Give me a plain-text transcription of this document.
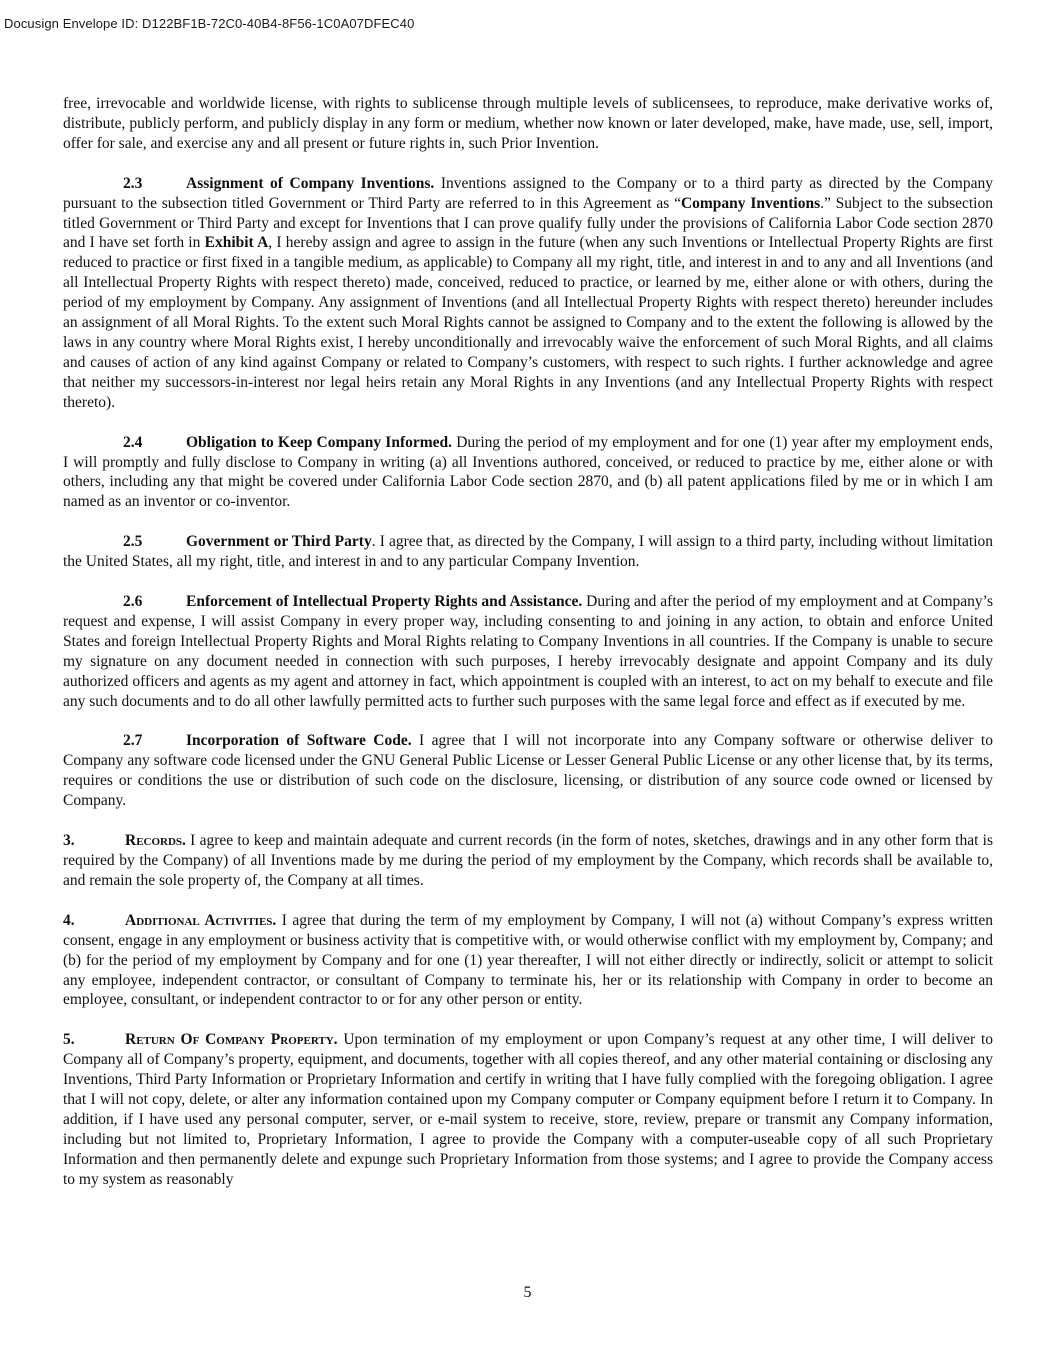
Docusign Envelope ID: D122BF1B-72C0-40B4-8F56-1C0A07DFEC40

free, irrevocable and worldwide license, with rights to sublicense through multiple levels of sublicensees, to reproduce, make derivative works of, distribute, publicly perform, and publicly display in any form or medium, whether now known or later developed, make, have made, use, sell, import, offer for sale, and exercise any and all present or future rights in, such Prior Invention.

2.3	Assignment of Company Inventions. Inventions assigned to the Company or to a third party as directed by the Company pursuant to the subsection titled Government or Third Party are referred to in this Agreement as “Company Inventions.” Subject to the subsection titled Government or Third Party and except for Inventions that I can prove qualify fully under the provisions of California Labor Code section 2870 and I have set forth in Exhibit A, I hereby assign and agree to assign in the future (when any such Inventions or Intellectual Property Rights are first reduced to practice or first fixed in a tangible medium, as applicable) to Company all my right, title, and interest in and to any and all Inventions (and all Intellectual Property Rights with respect thereto) made, conceived, reduced to practice, or learned by me, either alone or with others, during the period of my employment by Company. Any assignment of Inventions (and all Intellectual Property Rights with respect thereto) hereunder includes an assignment of all Moral Rights. To the extent such Moral Rights cannot be assigned to Company and to the extent the following is allowed by the laws in any country where Moral Rights exist, I hereby unconditionally and irrevocably waive the enforcement of such Moral Rights, and all claims and causes of action of any kind against Company or related to Company’s customers, with respect to such rights. I further acknowledge and agree that neither my successors-in-interest nor legal heirs retain any Moral Rights in any Inventions (and any Intellectual Property Rights with respect thereto).

2.4	Obligation to Keep Company Informed. During the period of my employment and for one (1) year after my employment ends, I will promptly and fully disclose to Company in writing (a) all Inventions authored, conceived, or reduced to practice by me, either alone or with others, including any that might be covered under California Labor Code section 2870, and (b) all patent applications filed by me or in which I am named as an inventor or co-inventor.

2.5	Government or Third Party. I agree that, as directed by the Company, I will assign to a third party, including without limitation the United States, all my right, title, and interest in and to any particular Company Invention.

2.6	Enforcement of Intellectual Property Rights and Assistance. During and after the period of my employment and at Company’s request and expense, I will assist Company in every proper way, including consenting to and joining in any action, to obtain and enforce United States and foreign Intellectual Property Rights and Moral Rights relating to Company Inventions in all countries. If the Company is unable to secure my signature on any document needed in connection with such purposes, I hereby irrevocably designate and appoint Company and its duly authorized officers and agents as my agent and attorney in fact, which appointment is coupled with an interest, to act on my behalf to execute and file any such documents and to do all other lawfully permitted acts to further such purposes with the same legal force and effect as if executed by me.

2.7	Incorporation of Software Code. I agree that I will not incorporate into any Company software or otherwise deliver to Company any software code licensed under the GNU General Public License or Lesser General Public License or any other license that, by its terms, requires or conditions the use or distribution of such code on the disclosure, licensing, or distribution of any source code owned or licensed by Company.

3.	Records. I agree to keep and maintain adequate and current records (in the form of notes, sketches, drawings and in any other form that is required by the Company) of all Inventions made by me during the period of my employment by the Company, which records shall be available to, and remain the sole property of, the Company at all times.

4.	Additional Activities. I agree that during the term of my employment by Company, I will not (a) without Company’s express written consent, engage in any employment or business activity that is competitive with, or would otherwise conflict with my employment by, Company; and (b) for the period of my employment by Company and for one (1) year thereafter, I will not either directly or indirectly, solicit or attempt to solicit any employee, independent contractor, or consultant of Company to terminate his, her or its relationship with Company in order to become an employee, consultant, or independent contractor to or for any other person or entity.

5.	Return Of Company Property. Upon termination of my employment or upon Company’s request at any other time, I will deliver to Company all of Company’s property, equipment, and documents, together with all copies thereof, and any other material containing or disclosing any Inventions, Third Party Information or Proprietary Information and certify in writing that I have fully complied with the foregoing obligation. I agree that I will not copy, delete, or alter any information contained upon my Company computer or Company equipment before I return it to Company. In addition, if I have used any personal computer, server, or e-mail system to receive, store, review, prepare or transmit any Company information, including but not limited to, Proprietary Information, I agree to provide the Company with a computer-useable copy of all such Proprietary Information and then permanently delete and expunge such Proprietary Information from those systems; and I agree to provide the Company access to my system as reasonably

5
